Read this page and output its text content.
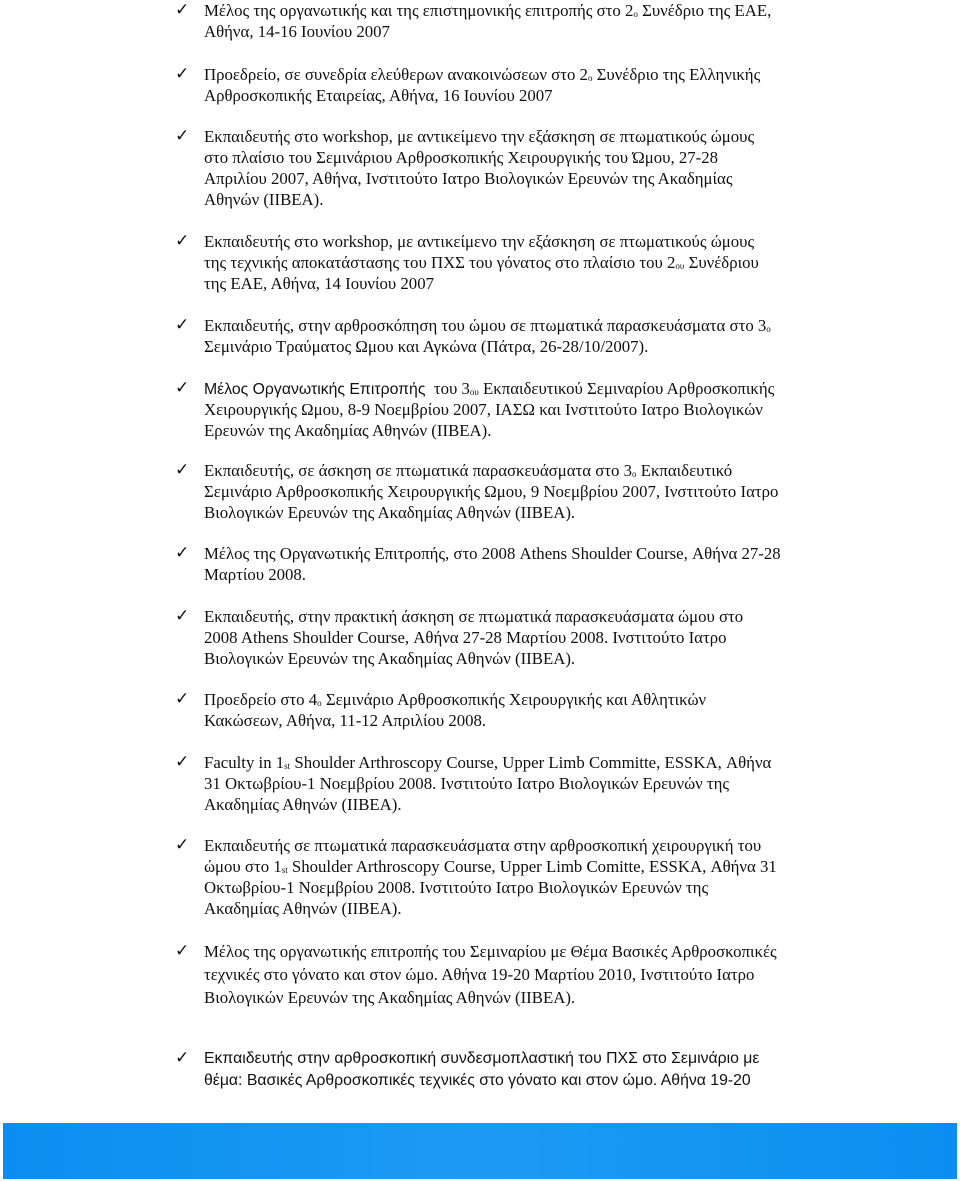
✓ Μέλος της οργανωτικής και της επιστημονικής επιτροπής στο $2_o$ Συνέδριο της ΕΑΕ,
Αθήνα, 14-16 Ιουνίου 2007
✓ Προεδρείο, σε συνεδρία ελεύθερων ανακοινώσεων στο $2_o$ Συνέδριο της Ελληνικής
Αρθροσκοπικής Εταιρείας, Αθήνα, 16 Ιουνίου 2007
✓ Εκπαιδευτής στο workshop, με αντικείμενο την εξάσκηση σε πτωματικούς ώμους
στο πλαίσιο του Σεμινάριου Αρθροσκοπικής Χειρουργικής του Ώμου, 27-28
Απριλίου 2007, Αθήνα, Ινστιτούτο Ιατρο Βιολογικών Ερευνών της Ακαδημίας
Αθηνών (ΙΙΒΕΑ).
✓ Εκπαιδευτής στο workshop, με αντικείμενο την εξάσκηση σε πτωματικούς ώμους
της τεχνικής αποκατάστασης του ΠΧΣ του γόνατος στο πλαίσιο του $2_{o\upsilon}$ Συνέδριου
της ΕΑΕ, Αθήνα, 14 Ιουνίου 2007
✓ Εκπαιδευτής, στην αρθροσκόπηση του ώμου σε πτωματικά παρασκευάσματα στο $3_o$
Σεμινάριο Τραύματος Ωμου και Αγκώνα (Πάτρα, 26-28/10/2007).
✓ Μέλος Οργανωτικής Επιτροπής  του $3_{o\upsilon}$ Εκπαιδευτικού Σεμιναρίου Αρθροσκοπικής
Χειρουργικής Ωμου, 8-9 Νοεμβρίου 2007, ΙΑΣΩ και Ινστιτούτο Ιατρο Βιολογικών
Ερευνών της Ακαδημίας Αθηνών (ΙΙΒΕΑ).
✓ Εκπαιδευτής, σε άσκηση σε πτωματικά παρασκευάσματα στο $3_o$ Εκπαιδευτικό
Σεμινάριο Αρθροσκοπικής Χειρουργικής Ωμου, 9 Νοεμβρίου 2007, Ινστιτούτο Ιατρο
Βιολογικών Ερευνών της Ακαδημίας Αθηνών (ΙΙΒΕΑ).
✓ Μέλος της Οργανωτικής Επιτροπής, στο 2008 Athens Shoulder Course, Αθήνα 27-28
Μαρτίου 2008.
✓ Εκπαιδευτής, στην πρακτική άσκηση σε πτωματικά παρασκευάσματα ώμου στο
2008 Athens Shoulder Course, Αθήνα 27-28 Μαρτίου 2008. Ινστιτούτο Ιατρο
Βιολογικών Ερευνών της Ακαδημίας Αθηνών (ΙΙΒΕΑ).
✓ Προεδρείο στο $4_o$ Σεμινάριο Αρθροσκοπικής Χειρουργικής και Αθλητικών
Κακώσεων, Αθήνα, 11-12 Απριλίου 2008.
✓ Faculty in $1_{st}$ Shoulder Arthroscopy Course, Upper Limb Committe, ESSKA, Αθήνα
31 Οκτωβρίου-1 Νοεμβρίου 2008. Ινστιτούτο Ιατρο Βιολογικών Ερευνών της
Ακαδημίας Αθηνών (ΙΙΒΕΑ).
✓ Εκπαιδευτής σε πτωματικά παρασκευάσματα στην αρθροσκοπική χειρουργική του
ώμου στο $1_{st}$ Shoulder Arthroscopy Course, Upper Limb Comitte, ESSKA, Αθήνα 31
Οκτωβρίου-1 Νοεμβρίου 2008. Ινστιτούτο Ιατρο Βιολογικών Ερευνών της
Ακαδημίας Αθηνών (ΙΙΒΕΑ).
✓ Μέλος της οργανωτικής επιτροπής του Σεμιναρίου με Θέμα Βασικές Αρθροσκοπικές
τεχνικές στο γόνατο και στον ώμο. Αθήνα 19-20 Μαρτίου 2010, Ινστιτούτο Ιατρο
Βιολογικών Ερευνών της Ακαδημίας Αθηνών (ΙΙΒΕΑ).
✓ Εκπαιδευτής στην αρθροσκοπική συνδεσμοπλαστική του ΠΧΣ στο Σεμινάριο με
θέμα: Βασικές Αρθροσκοπικές τεχνικές στο γόνατο και στον ώμο. Αθήνα 19-20
